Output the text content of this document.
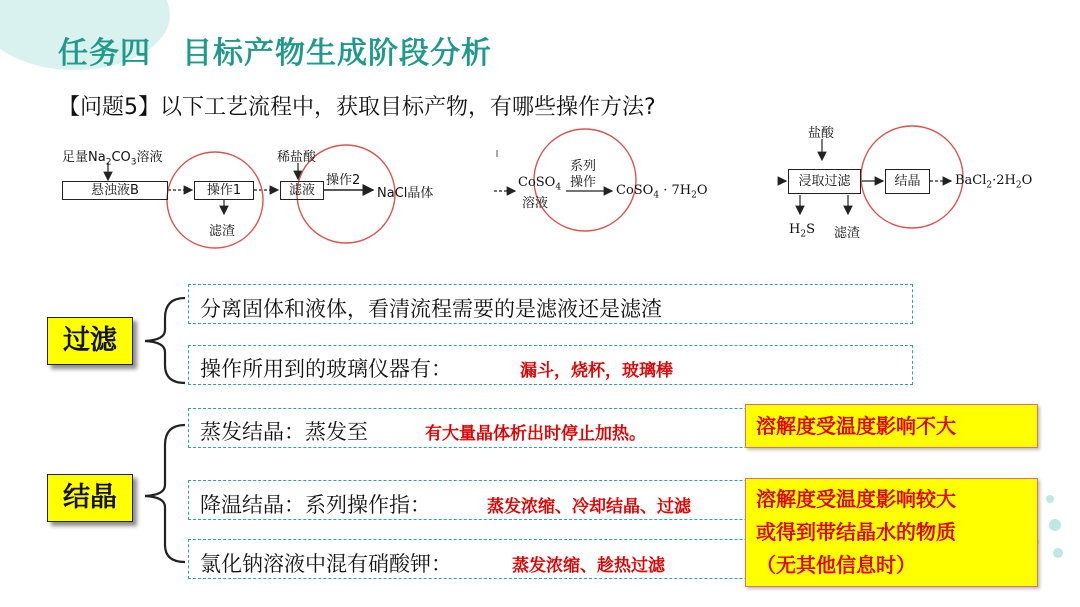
任务四　目标产物生成阶段分析
【问题5】以下工艺流程中，获取目标产物，有哪些操作方法?
足量$Na_2CO_3$溶液
悬浊液B	操作1
滤渣
稀盐酸
滤液
操作2
NaCl晶体
CoSO$_4$
溶液
系列
操作
CoSO$_4$ · $7H_2O$
盐酸
浸取过滤	结晶	$BaCl_2\cdot 2H_2O$
$H_2S$ 滤渣
过滤
结晶
分离固体和液体，看清流程需要的是滤液还是滤渣
操作所用到的玻璃仪器有：	漏斗，烧杯，玻璃棒
蒸发结晶：蒸发至	有大量晶体析出时停止加热。
降温结晶：系列操作指：	蒸发浓缩、冷却结晶、过滤
氯化钠溶液中混有硝酸钾：	蒸发浓缩、趁热过滤
溶解度受温度影响不大
溶解度受温度影响较大
或得到带结晶水的物质
（无其他信息时）
